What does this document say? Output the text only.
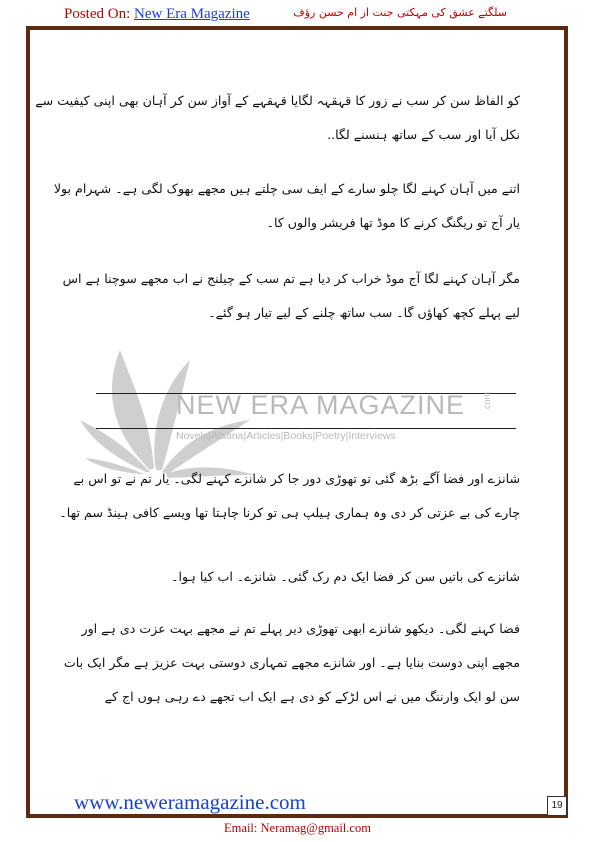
Posted On: New Era Magazine	سلگتے عشق کی مہکتی جنت از ام حسن رؤف

کو الفاظ سن کر سب نے زور کا قہقہہ لگایا قہقہے کے آواز سن کر آہان بھی اپنی کیفیت سے
نکل آیا اور سب کے ساتھ ہنسنے لگا..

اتنے میں آہان کہنے لگا چلو سارے کے ایف سی چلتے ہیں مجھے بھوک لگی ہے۔ شہرام بولا
یار آج تو ریگنگ کرنے کا موڈ تھا فریشر والوں کا۔

مگر آہان کہنے لگا آج موڈ خراب کر دیا ہے تم سب کے چیلنج نے اب مجھے سوچنا ہے اس
لیے پہلے کچھ کھاؤں گا۔ سب ساتھ چلنے کے لیے تیار ہو گئے۔

NEW ERA MAGAZINE .com
Novels|Afsana|Articles|Books|Poetry|Interviews

شانزے اور فضا آگے بڑھ گئی تو تھوڑی دور جا کر شانزے کہنے لگی۔ یار تم نے تو اس بے
چارے کی بے عزتی کر دی وہ ہماری ہیلپ ہی تو کرنا چاہتا تھا ویسے کافی ہینڈ سم تھا۔

شانزے کی باتیں سن کر فضا ایک دم رک گئی۔ شانزے۔ اب کیا ہوا۔

فضا کہنے لگی۔ دیکھو شانزے ابھی تھوڑی دیر پہلے تم نے مجھے بہت عزت دی ہے اور
مجھے اپنی دوست بنایا ہے۔ اور شانزے مجھے تمہاری دوستی بہت عزیز ہے مگر ایک بات
سن لو ایک وارننگ میں نے اس لڑکے کو دی ہے ایک اب تجھے دے رہی ہوں اج کے

www.neweramagazine.com	19
Email: Neramag@gmail.com
